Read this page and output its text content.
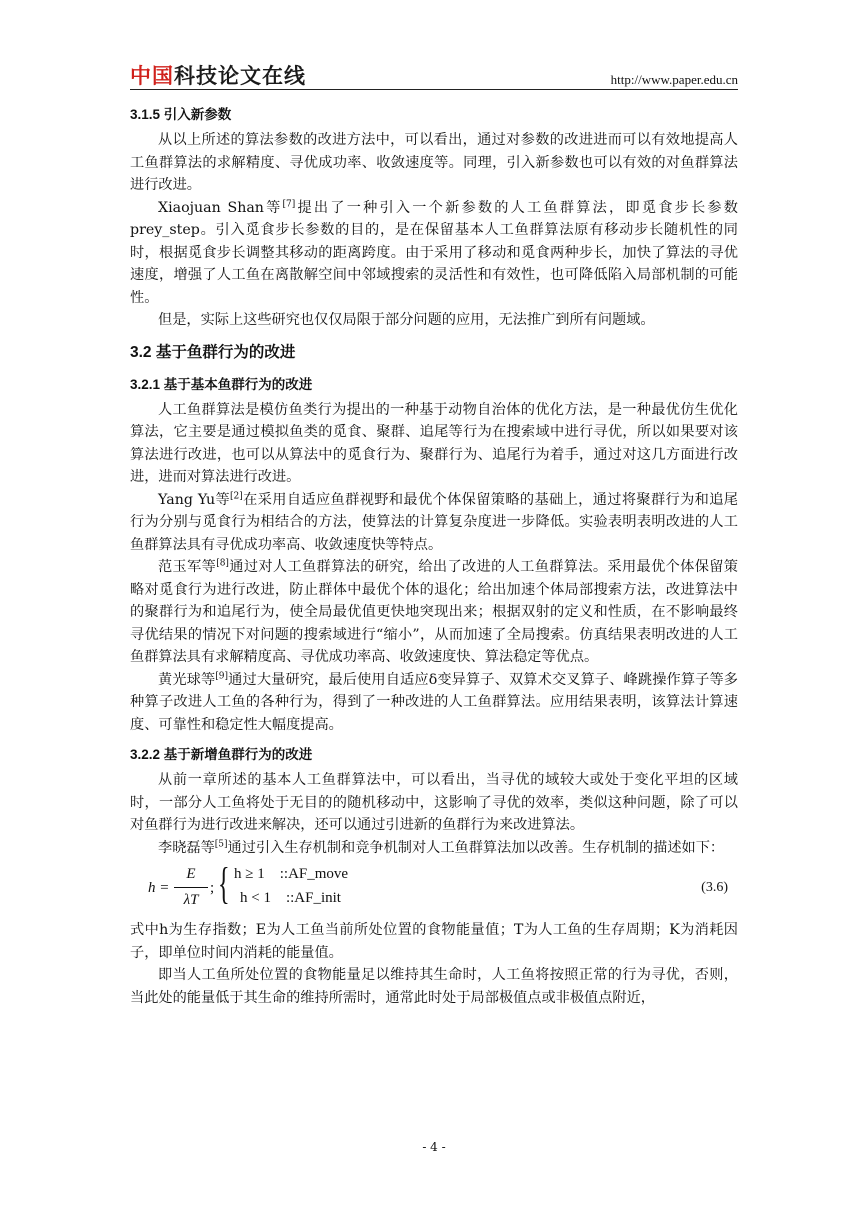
中国科技论文在线	http://www.paper.edu.cn
3.1.5 引入新参数

从以上所述的算法参数的改进方法中，可以看出，通过对参数的改进进而可以有效地提高人工鱼群算法的求解精度、寻优成功率、收敛速度等。同理，引入新参数也可以有效的对鱼群算法进行改进。

Xiaojuan Shan等[7]提出了一种引入一个新参数的人工鱼群算法，即觅食步长参数prey_step。引入觅食步长参数的目的，是在保留基本人工鱼群算法原有移动步长随机性的同时，根据觅食步长调整其移动的距离跨度。由于采用了移动和觅食两种步长，加快了算法的寻优速度，增强了人工鱼在离散解空间中邻域搜索的灵活性和有效性，也可降低陷入局部机制的可能性。

但是，实际上这些研究也仅仅局限于部分问题的应用，无法推广到所有问题域。

3.2 基于鱼群行为的改进
3.2.1 基于基本鱼群行为的改进

人工鱼群算法是模仿鱼类行为提出的一种基于动物自治体的优化方法，是一种最优仿生优化算法，它主要是通过模拟鱼类的觅食、聚群、追尾等行为在搜索域中进行寻优，所以如果要对该算法进行改进，也可以从算法中的觅食行为、聚群行为、追尾行为着手，通过对这几方面进行改进，进而对算法进行改进。

Yang Yu等[2]在采用自适应鱼群视野和最优个体保留策略的基础上，通过将聚群行为和追尾行为分别与觅食行为相结合的方法，使算法的计算复杂度进一步降低。实验表明表明改进的人工鱼群算法具有寻优成功率高、收敛速度快等特点。

范玉军等[8]通过对人工鱼群算法的研究，给出了改进的人工鱼群算法。采用最优个体保留策略对觅食行为进行改进，防止群体中最优个体的退化；给出加速个体局部搜索方法，改进算法中的聚群行为和追尾行为，使全局最优值更快地突现出来；根据双射的定义和性质，在不影响最终寻优结果的情况下对问题的搜索域进行“缩小”，从而加速了全局搜索。仿真结果表明改进的人工鱼群算法具有求解精度高、寻优成功率高、收敛速度快、算法稳定等优点。

黄光球等[9]通过大量研究，最后使用自适应δ变异算子、双算术交叉算子、峰跳操作算子等多种算子改进人工鱼的各种行为，得到了一种改进的人工鱼群算法。应用结果表明，该算法计算速度、可靠性和稳定性大幅度提高。

3.2.2 基于新增鱼群行为的改进

从前一章所述的基本人工鱼群算法中，可以看出，当寻优的域较大或处于变化平坦的区域时，一部分人工鱼将处于无目的的随机移动中，这影响了寻优的效率，类似这种问题，除了可以对鱼群行为进行改进来解决，还可以通过引进新的鱼群行为来改进算法。

李晓磊等[5]通过引入生存机制和竞争机制对人工鱼群算法加以改善。生存机制的描述如下：

h =
E
λT
; { h ≥ 1    ::AF_move
h < 1    ::AF_init
(3.6)

式中h为生存指数；E为人工鱼当前所处位置的食物能量值；T为人工鱼的生存周期；K为消耗因子，即单位时间内消耗的能量值。

即当人工鱼所处位置的食物能量足以维持其生命时，人工鱼将按照正常的行为寻优，否则，当此处的能量低于其生命的维持所需时，通常此时处于局部极值点或非极值点附近，

- 4 -
